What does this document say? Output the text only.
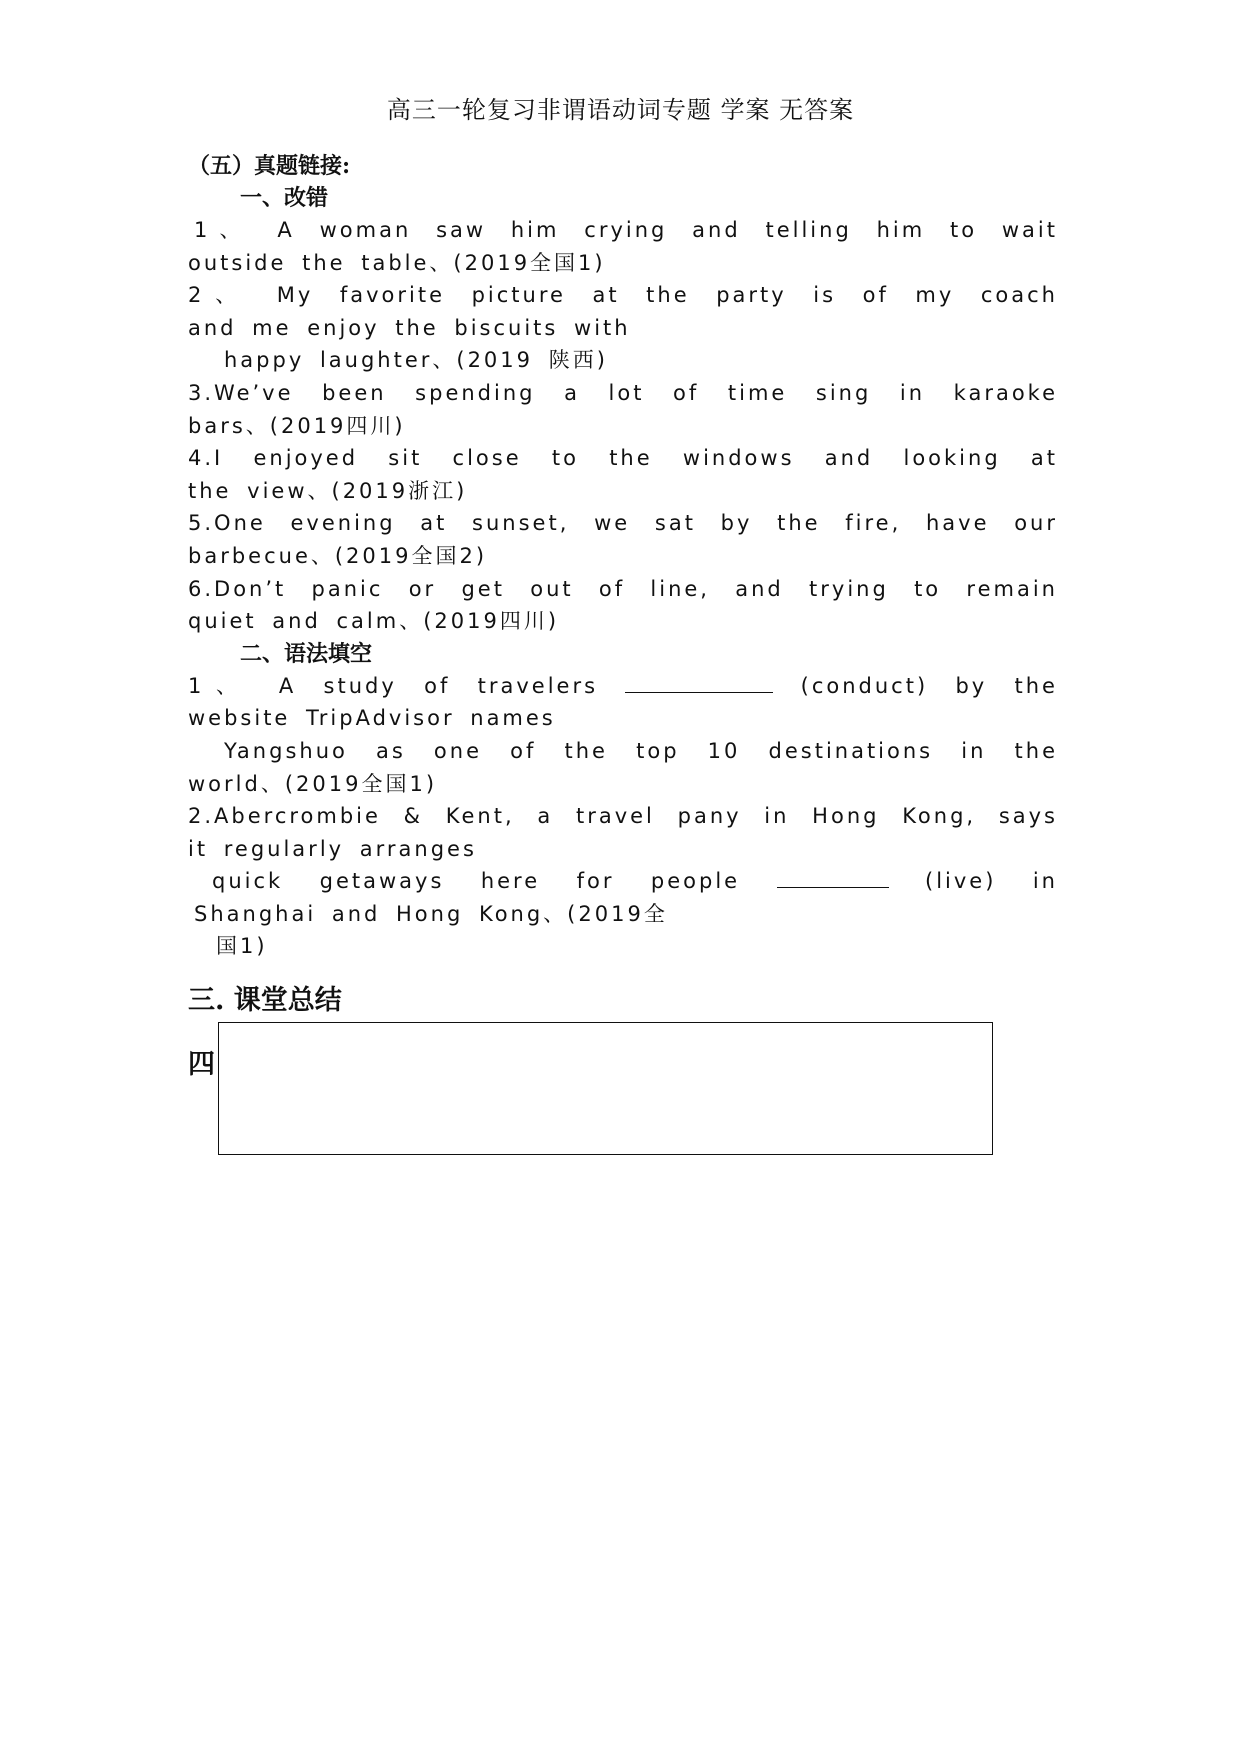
高三一轮复习非谓语动词专题 学案 无答案
（五）真题链接:
一、改错
1、 A woman saw him crying and telling him to wait
outside the table、(2019全国1)
2、 My favorite picture at the party is of my coach
and me enjoy the biscuits with
happy laughter、(2019 陕西)
3.We’ve been spending a lot of time sing in karaoke
bars、(2019四川)
4.I enjoyed sit close to the windows and looking at
the view、(2019浙江)
5.One evening at sunset, we sat by the fire, have our
barbecue、(2019全国2)
6.Don’t panic or get out of line, and trying to remain
quiet and calm、(2019四川)
二、语法填空
1、 A study of travelers	(conduct) by the
website TripAdvisor names
Yangshuo as one of the top 10 destinations in the
world、(2019全国1)
2.Abercrombie & Kent, a travel pany in Hong Kong, says
it regularly arranges
quick getaways here for people	(live) in
Shanghai and Hong Kong、(2019全
国1)
三. 课堂总结
四
